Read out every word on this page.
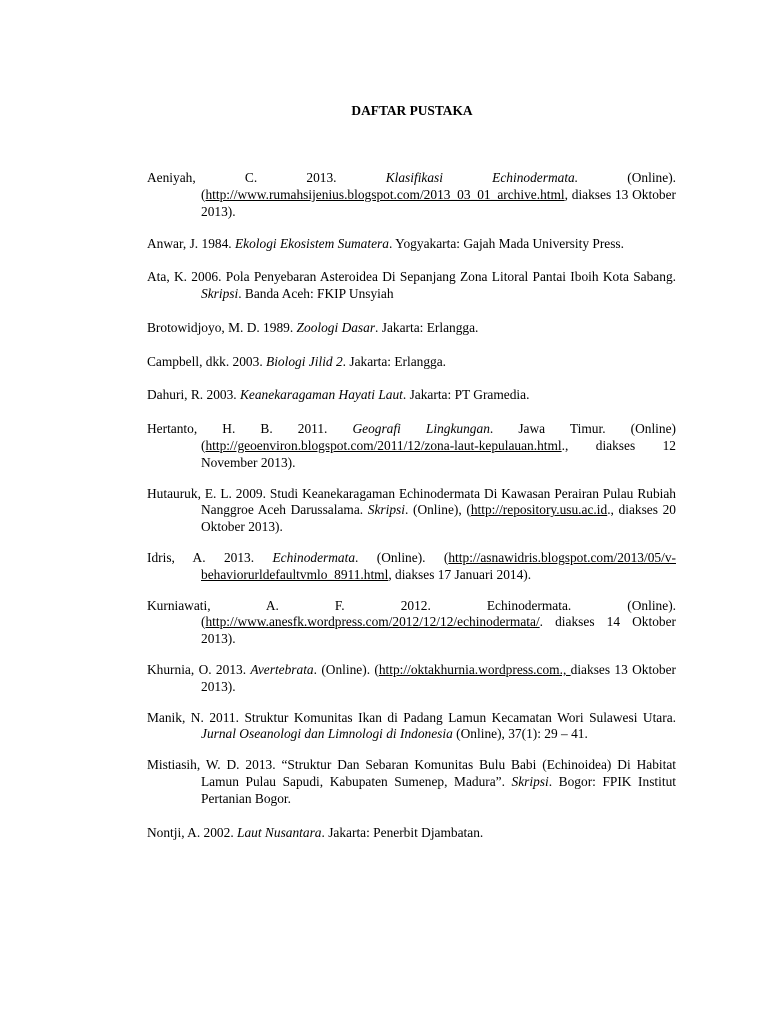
DAFTAR PUSTAKA

Aeniyah, C. 2013. Klasifikasi Echinodermata. (Online). (http://www.rumahsijenius.blogspot.com/2013_03_01_archive.html, diakses 13 Oktober 2013).

Anwar, J. 1984. Ekologi Ekosistem Sumatera. Yogyakarta: Gajah Mada University Press.

Ata, K. 2006. Pola Penyebaran Asteroidea Di Sepanjang Zona Litoral Pantai Iboih Kota Sabang. Skripsi. Banda Aceh: FKIP Unsyiah

Brotowidjoyo, M. D. 1989. Zoologi Dasar. Jakarta: Erlangga.

Campbell, dkk. 2003. Biologi Jilid 2. Jakarta: Erlangga.

Dahuri, R. 2003. Keanekaragaman Hayati Laut. Jakarta: PT Gramedia.

Hertanto, H. B. 2011. Geografi Lingkungan. Jawa Timur. (Online) (http://geoenviron.blogspot.com/2011/12/zona-laut-kepulauan.html., diakses 12 November 2013).

Hutauruk, E. L. 2009. Studi Keanekaragaman Echinodermata Di Kawasan Perairan Pulau Rubiah Nanggroe Aceh Darussalama. Skripsi. (Online), (http://repository.usu.ac.id., diakses 20 Oktober 2013).

Idris, A. 2013. Echinodermata. (Online). (http://asnawidris.blogspot.com/2013/05/v-behaviorurldefaultvmlo_8911.html, diakses 17 Januari 2014).

Kurniawati, A. F. 2012. Echinodermata. (Online). (http://www.anesfk.wordpress.com/2012/12/12/echinodermata/. diakses 14 Oktober 2013).

Khurnia, O. 2013. Avertebrata. (Online). (http://oktakhurnia.wordpress.com., diakses 13 Oktober 2013).

Manik, N. 2011. Struktur Komunitas Ikan di Padang Lamun Kecamatan Wori Sulawesi Utara. Jurnal Oseanologi dan Limnologi di Indonesia (Online), 37(1): 29 – 41.

Mistiasih, W. D. 2013. “Struktur Dan Sebaran Komunitas Bulu Babi (Echinoidea) Di Habitat Lamun Pulau Sapudi, Kabupaten Sumenep, Madura”. Skripsi. Bogor: FPIK Institut Pertanian Bogor.

Nontji, A. 2002. Laut Nusantara. Jakarta: Penerbit Djambatan.
